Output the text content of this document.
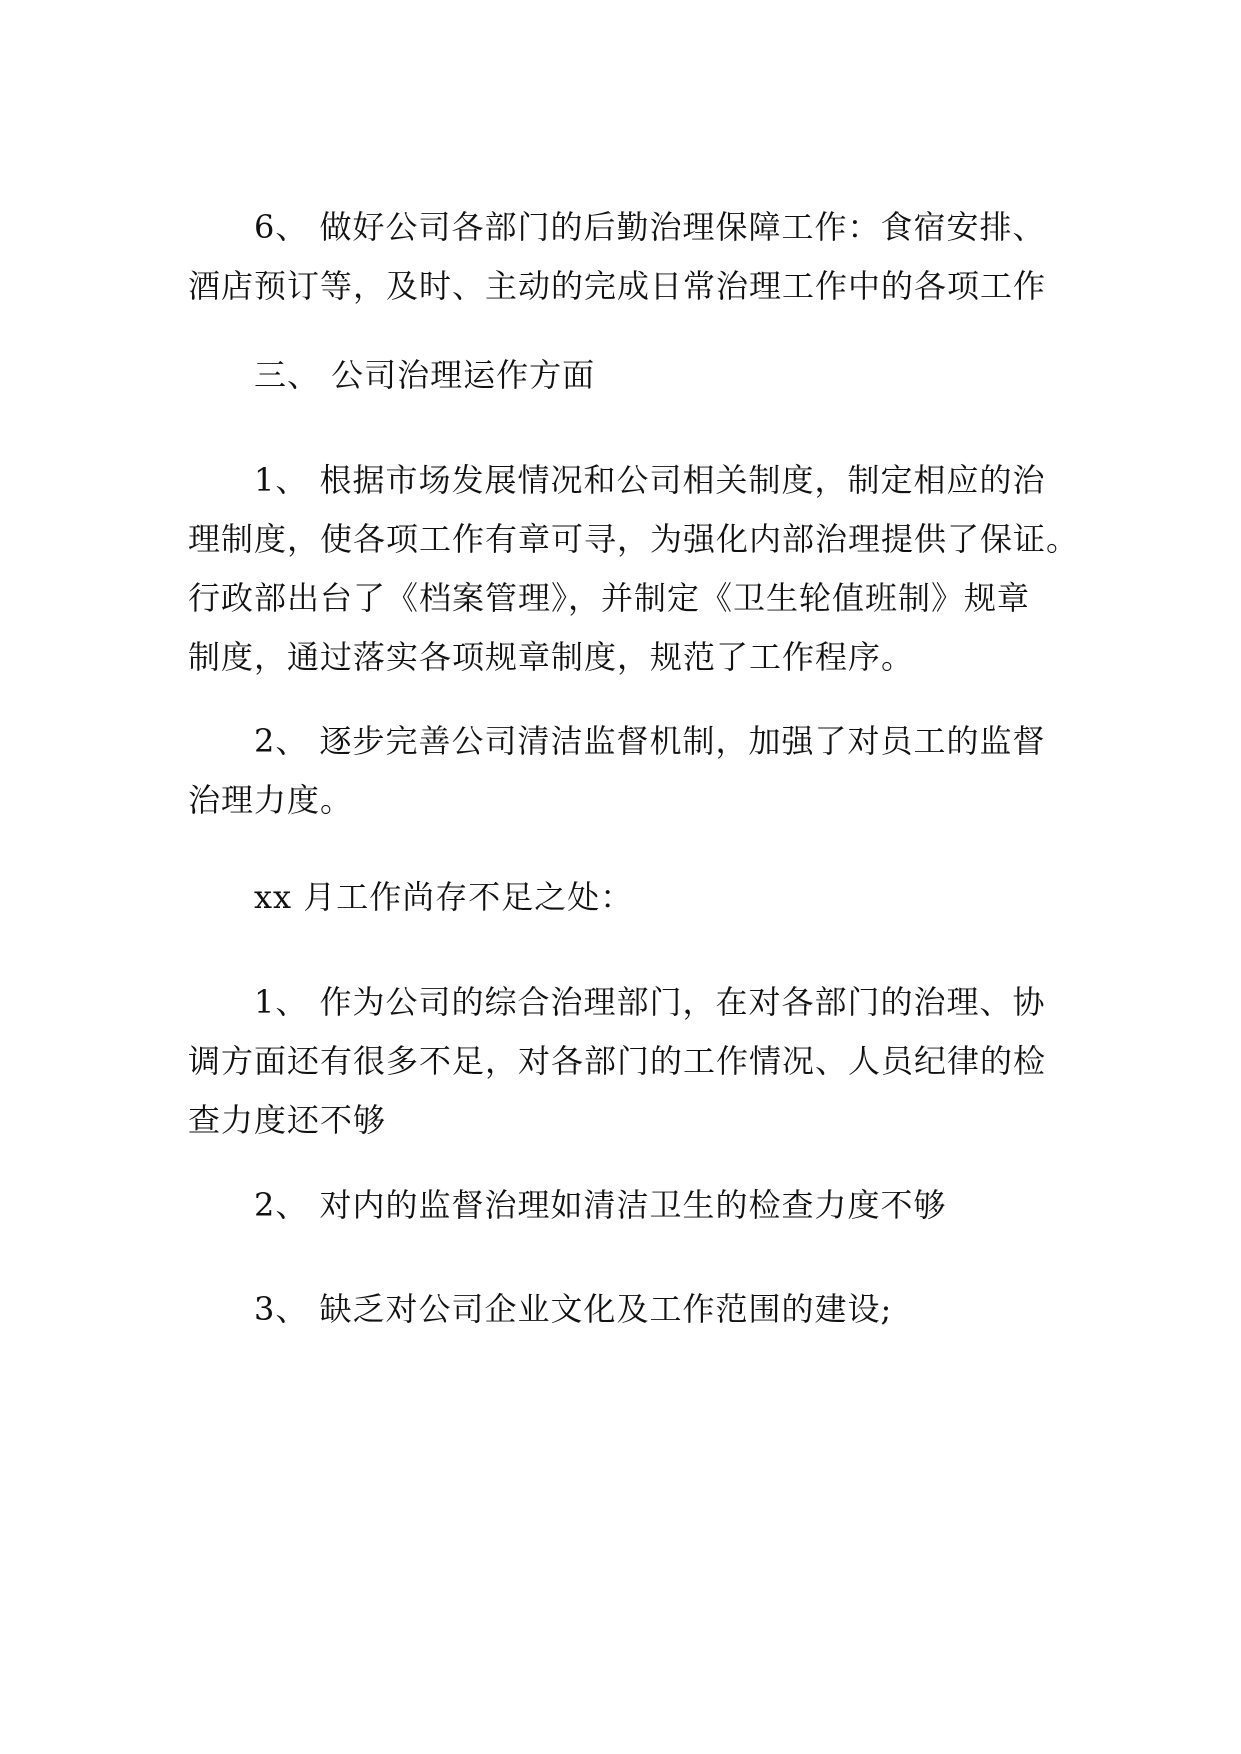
6、 做好公司各部门的后勤治理保障工作：食宿安排、
酒店预订等，及时、主动的完成日常治理工作中的各项工作
三、 公司治理运作方面
1、 根据市场发展情况和公司相关制度，制定相应的治
理制度，使各项工作有章可寻，为强化内部治理提供了保证。
行政部出台了《档案管理》，并制定《卫生轮值班制》规章
制度，通过落实各项规章制度，规范了工作程序。
2、 逐步完善公司清洁监督机制，加强了对员工的监督
治理力度。
xx 月工作尚存不足之处：
1、 作为公司的综合治理部门，在对各部门的治理、协
调方面还有很多不足，对各部门的工作情况、人员纪律的检
查力度还不够
2、 对内的监督治理如清洁卫生的检查力度不够
3、 缺乏对公司企业文化及工作范围的建设;
